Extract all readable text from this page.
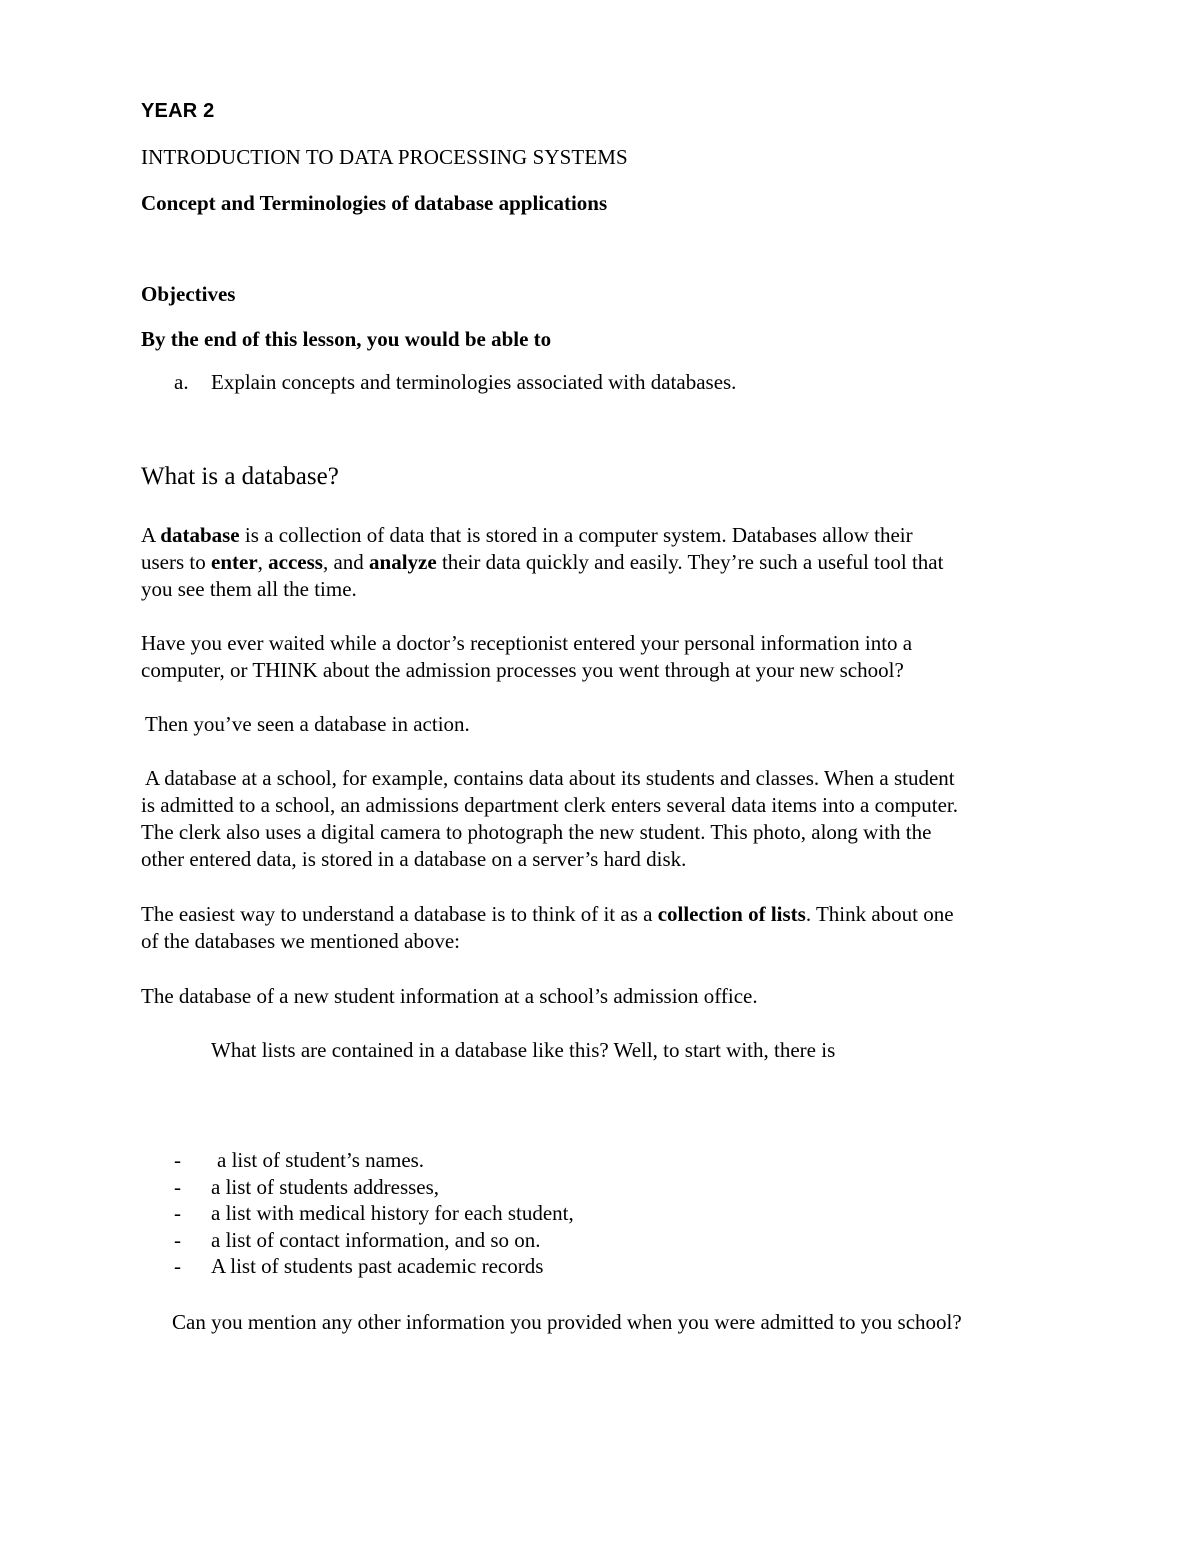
YEAR 2

INTRODUCTION TO DATA PROCESSING SYSTEMS

Concept and Terminologies of database applications

Objectives

By the end of this lesson, you would be able to

a. Explain concepts and terminologies associated with databases.
What is a database?
A database is a collection of data that is stored in a computer system. Databases allow their
users to enter, access, and analyze their data quickly and easily. They’re such a useful tool that
you see them all the time.
Have you ever waited while a doctor’s receptionist entered your personal information into a
computer, or THINK about the admission processes you went through at your new school?
Then you’ve seen a database in action.
A database at a school, for example, contains data about its students and classes. When a student
is admitted to a school, an admissions department clerk enters several data items into a computer.
The clerk also uses a digital camera to photograph the new student. This photo, along with the
other entered data, is stored in a database on a server’s hard disk.
The easiest way to understand a database is to think of it as a collection of lists. Think about one
of the databases we mentioned above:
The database of a new student information at a school’s admission office.
What lists are contained in a database like this? Well, to start with, there is
- a list of student’s names.
- a list of students addresses,
- a list with medical history for each student,
- a list of contact information, and so on.
- A list of students past academic records

Can you mention any other information you provided when you were admitted to you school?
